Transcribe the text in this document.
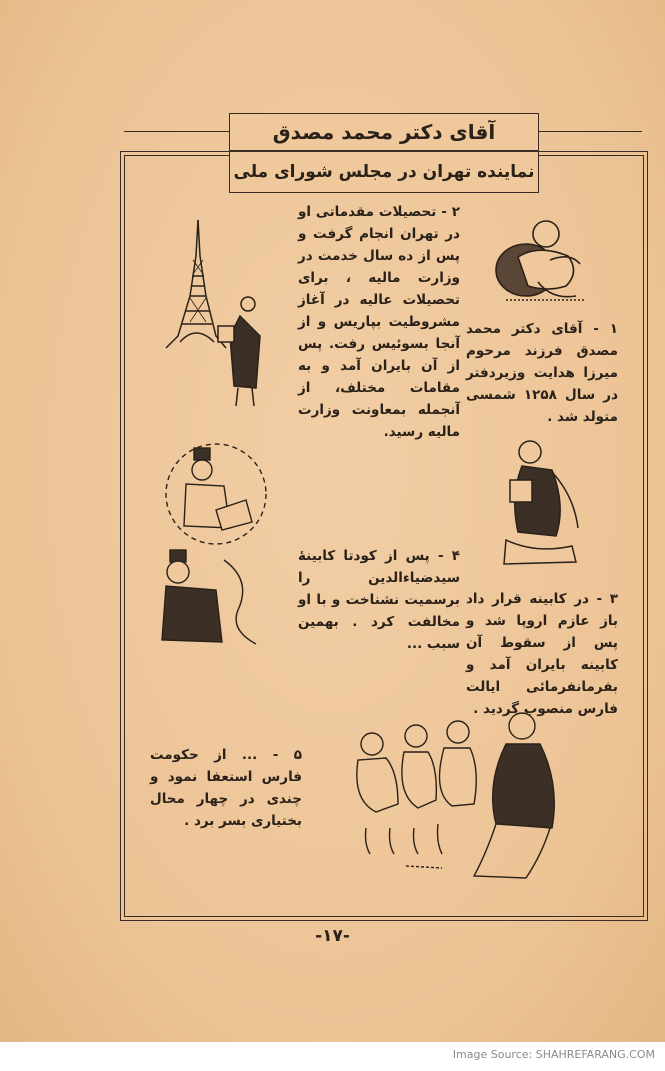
آقای دکتر محمد مصدق
نماینده تهران در مجلس شورای ملی
۲ - تحصیلات مقدماتی او در تهران انجام گرفت و پس از ده سال خدمت در وزارت مالیه ، برای تحصیلات عالیه در آغاز مشروطیت بپاریس و از آنجا بسوئیس رفت. پس از آن بایران آمد و به مقامات مختلف، از آنجمله بمعاونت وزارت مالیه رسید.
۱ - آقای دکتر محمد مصدق فرزند مرحوم میرزا هدایت وزیردفتر در سال ۱۲۵۸ شمسی متولد شد .
۴ - پس از کودتا کابینهٔ سیدضیاءالدین را برسمیت نشناخت و با او مخالفت کرد . بهمین سبب ...
۳ - در کابینه قرار داد باز عازم اروپا شد و پس از سقوط آن کابینه بایران آمد و بفرمانفرمائی ایالت فارس منصوب گردید .
۵ - ... از حکومت فارس استعفا نمود و چندی در چهار محال بختیاری بسر برد .
-۱۷-
Image Source: SHAHREFARANG.COM
